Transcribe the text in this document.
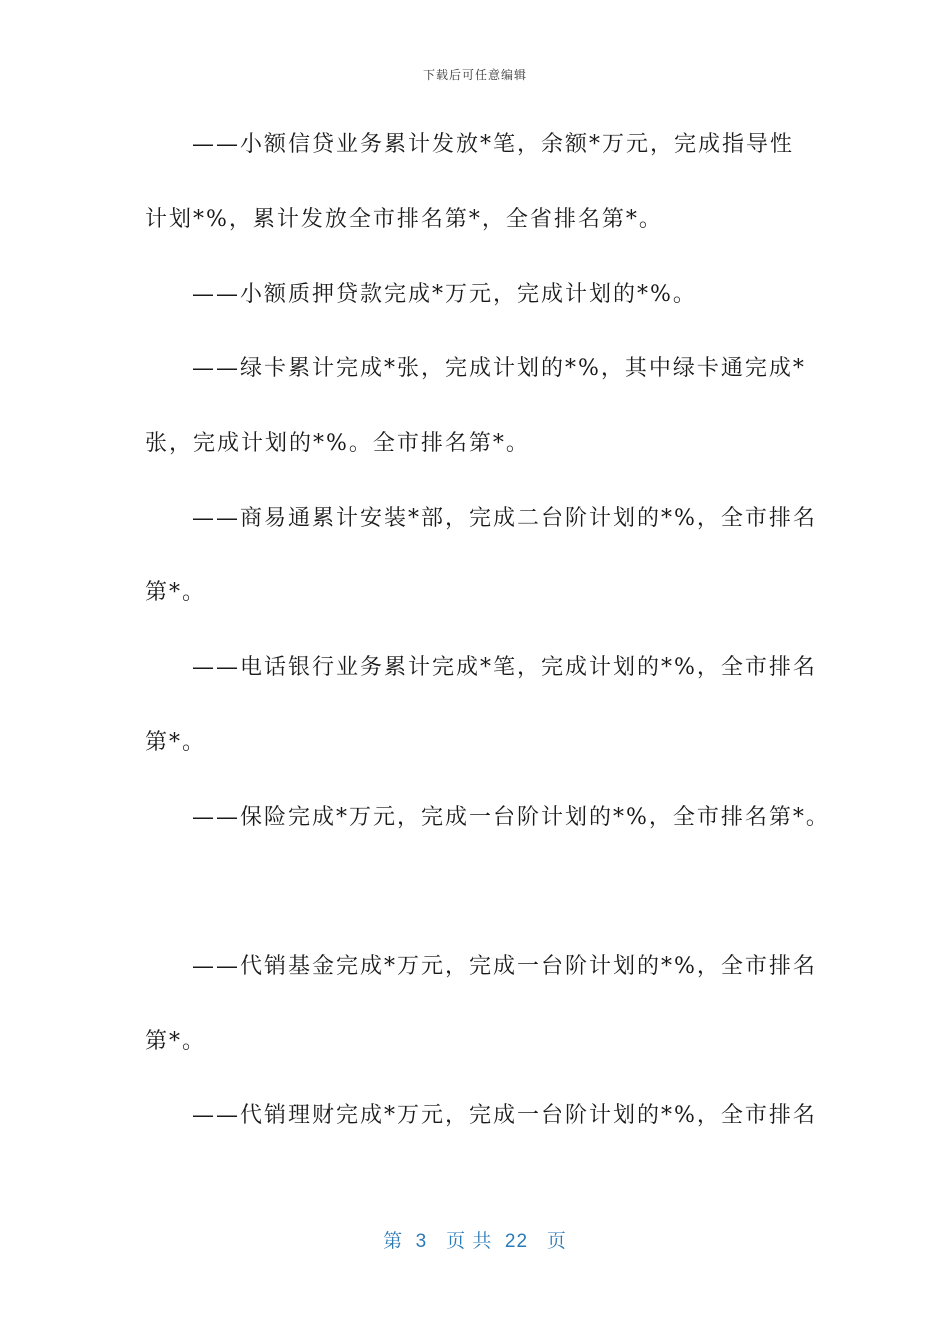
下载后可任意编辑
——小额信贷业务累计发放*笔，余额*万元，完成指导性
计划*%，累计发放全市排名第*，全省排名第*。
——小额质押贷款完成*万元，完成计划的*%。
——绿卡累计完成*张，完成计划的*%，其中绿卡通完成*
张，完成计划的*%。全市排名第*。
——商易通累计安装*部，完成二台阶计划的*%，全市排名
第*。
——电话银行业务累计完成*笔，完成计划的*%，全市排名
第*。
——保险完成*万元，完成一台阶计划的*%，全市排名第*。
——代销基金完成*万元，完成一台阶计划的*%，全市排名
第*。
——代销理财完成*万元，完成一台阶计划的*%，全市排名
第  3   页 共  22   页
